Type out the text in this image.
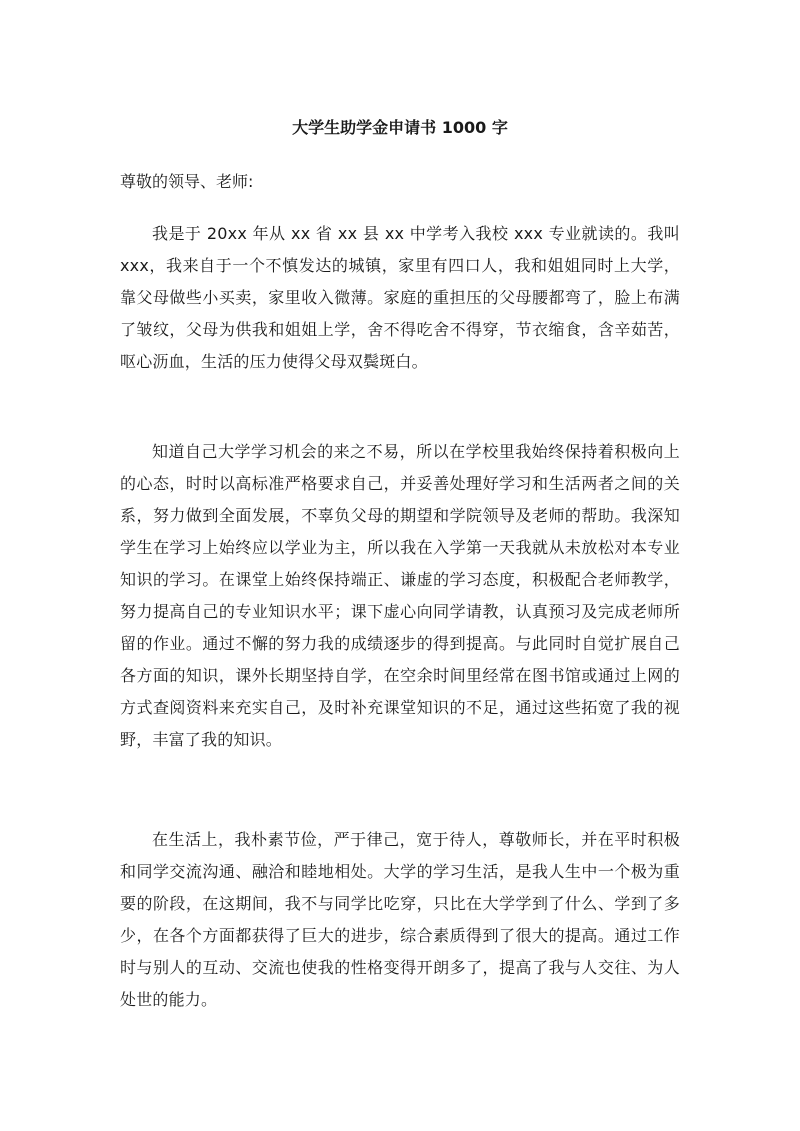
大学生助学金申请书 1000 字

尊敬的领导、老师:

我是于 20xx 年从 xx 省 xx 县 xx 中学考入我校 xxx 专业就读的。我叫 xxx，我来自于一个不慎发达的城镇，家里有四口人，我和姐姐同时上大学，靠父母做些小买卖，家里收入微薄。家庭的重担压的父母腰都弯了，脸上布满了皱纹，父母为供我和姐姐上学，舍不得吃舍不得穿，节衣缩食，含辛茹苦，呕心沥血，生活的压力使得父母双鬓斑白。

知道自己大学学习机会的来之不易，所以在学校里我始终保持着积极向上的心态，时时以高标准严格要求自己，并妥善处理好学习和生活两者之间的关系，努力做到全面发展，不辜负父母的期望和学院领导及老师的帮助。我深知学生在学习上始终应以学业为主，所以我在入学第一天我就从未放松对本专业知识的学习。在课堂上始终保持端正、谦虚的学习态度，积极配合老师教学，努力提高自己的专业知识水平；课下虚心向同学请教，认真预习及完成老师所留的作业。通过不懈的努力我的成绩逐步的得到提高。与此同时自觉扩展自己各方面的知识，课外长期坚持自学，在空余时间里经常在图书馆或通过上网的方式查阅资料来充实自己，及时补充课堂知识的不足，通过这些拓宽了我的视野，丰富了我的知识。

在生活上，我朴素节俭，严于律己，宽于待人，尊敬师长，并在平时积极和同学交流沟通、融洽和睦地相处。大学的学习生活，是我人生中一个极为重要的阶段，在这期间，我不与同学比吃穿，只比在大学学到了什么、学到了多少，在各个方面都获得了巨大的进步，综合素质得到了很大的提高。通过工作时与别人的互动、交流也使我的性格变得开朗多了，提高了我与人交往、为人处世的能力。
